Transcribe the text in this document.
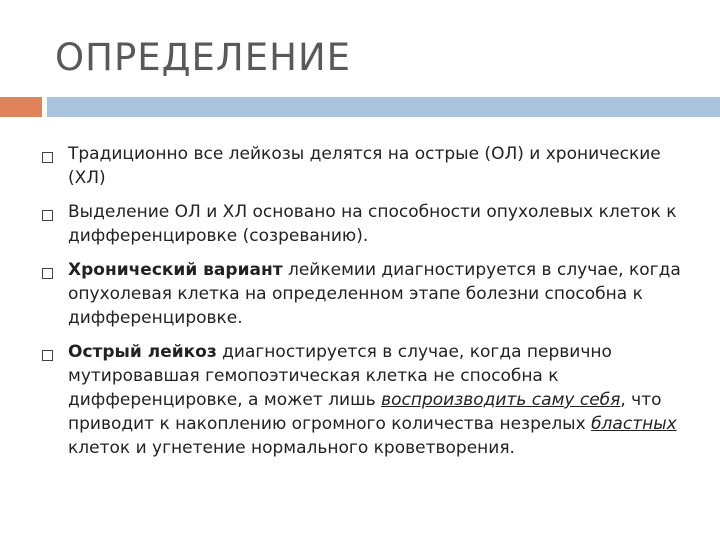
ОПРЕДЕЛЕНИЕ
Традиционно все лейкозы делятся на острые (ОЛ) и хронические (ХЛ)
Выделение ОЛ и ХЛ основано на способности опухолевых клеток к дифференцировке (созреванию).
Хронический вариант лейкемии диагностируется в случае, когда опухолевая клетка на определенном этапе болезни способна к дифференцировке.
Острый лейкоз диагностируется в случае, когда первично мутировавшая гемопоэтическая клетка не способна к дифференцировке, а может лишь воспроизводить саму себя, что приводит к накоплению огромного количества незрелых бластных клеток и угнетение нормального кроветворения.
